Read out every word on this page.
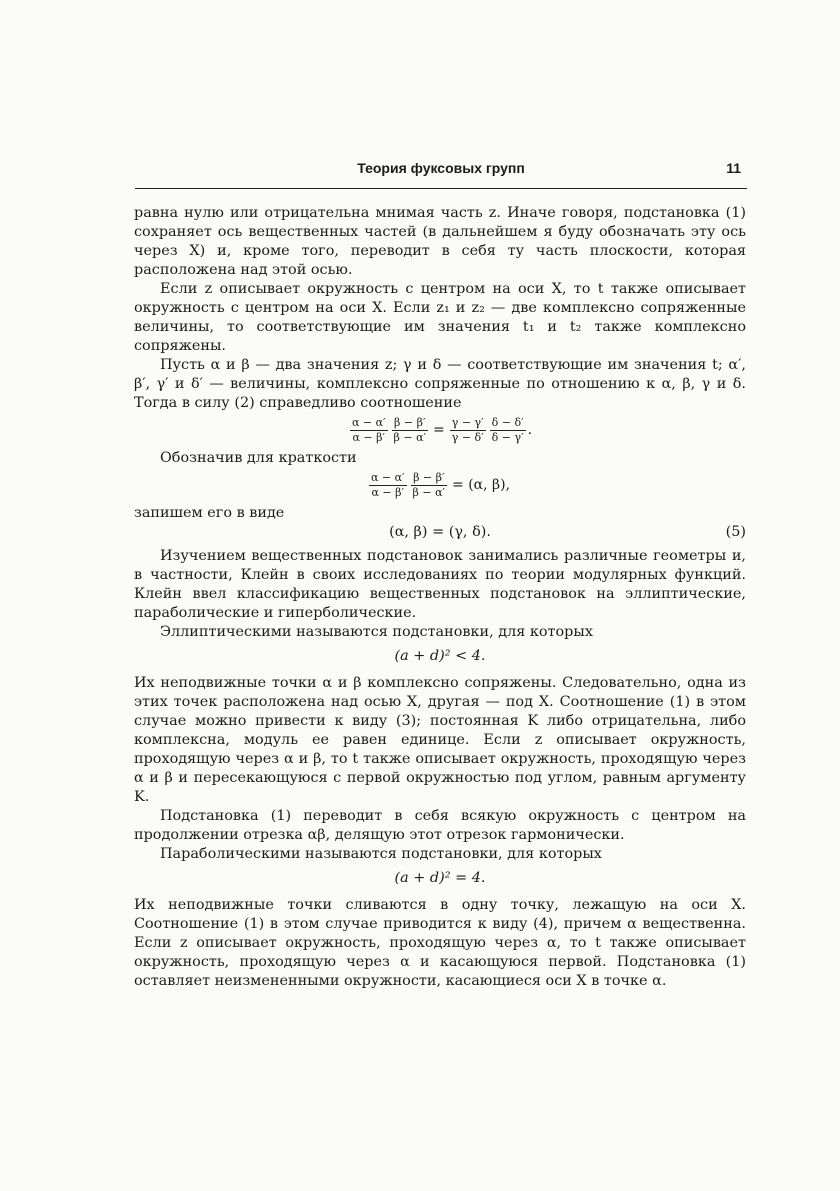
Теория фуксовых групп	11

равна нулю или отрицательна мнимая часть z. Иначе говоря, подстановка (1) сохраняет ось вещественных частей (в дальнейшем я буду обозначать эту ось через X) и, кроме того, переводит в себя ту часть плоскости, которая расположена над этой осью.

Если z описывает окружность с центром на оси X, то t также описывает окружность с центром на оси X. Если z₁ и z₂ — две комплексно сопряженные величины, то соответствующие им значения t₁ и t₂ также комплексно сопряжены.

Пусть α и β — два значения z; γ и δ — соответствующие им значения t; α′, β′, γ′ и δ′ — величины, комплексно сопряженные по отношению к α, β, γ и δ. Тогда в силу (2) справедливо соотношение

$\frac{\alpha - \alpha'}{\alpha - \beta'} \frac{\beta - \beta'}{\beta - \alpha'} = \frac{\gamma - \gamma'}{\gamma - \delta'} \frac{\delta - \delta'}{\delta - \gamma'}$ .

Обозначив для краткости

$\frac{\alpha - \alpha'}{\alpha - \beta'} \frac{\beta - \beta'}{\beta - \alpha'} = (\alpha$, β),

запишем его в виде

(α, β) = (γ, δ).	(5)

Изучением вещественных подстановок занимались различные геометры и, в частности, Клейн в своих исследованиях по теории модулярных функций. Клейн ввел классификацию вещественных подстановок на эллиптические, параболические и гиперболические.

Эллиптическими называются подстановки, для которых

(a + d)² < 4.

Их неподвижные точки α и β комплексно сопряжены. Следовательно, одна из этих точек расположена над осью X, другая — под X. Соотношение (1) в этом случае можно привести к виду (3); постоянная K либо отрицательна, либо комплексна, модуль ее равен единице. Если z описывает окружность, проходящую через α и β, то t также описывает окружность, проходящую через α и β и пересекающуюся с первой окружностью под углом, равным аргументу K.

Подстановка (1) переводит в себя всякую окружность с центром на продолжении отрезка αβ, делящую этот отрезок гармонически.

Параболическими называются подстановки, для которых

(a + d)² = 4.

Их неподвижные точки сливаются в одну точку, лежащую на оси X. Соотношение (1) в этом случае приводится к виду (4), причем α вещественна. Если z описывает окружность, проходящую через α, то t также описывает окружность, проходящую через α и касающуюся первой. Подстановка (1) оставляет неизмененными окружности, касающиеся оси X в точке α.
